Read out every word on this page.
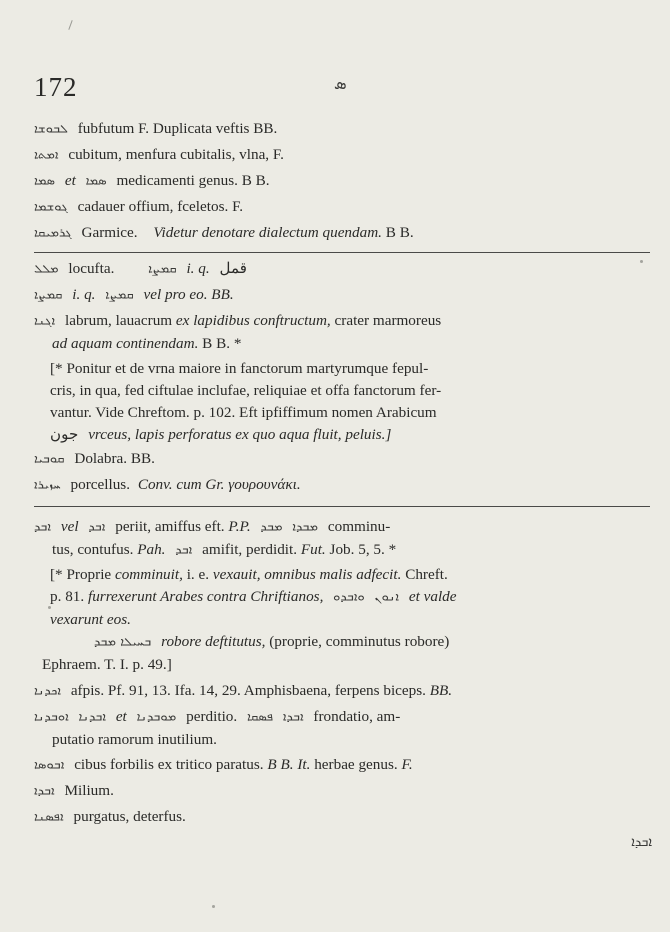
172	ܣ
ܠܒܘܫܐ fubfutum F. Duplicata veftis BB.
ܐܡܬܐ cubitum, menfura cubitalis, vlna, F.
ܣܡܐ et ܣܡܐ medicamenti genus. B B.
ܓܘܫܡܐ cadauer offium, fceletos. F.
ܓܪܡܝܩܐ Garmice. Videtur denotare dialectum quendam. B B.
ܡܠܠ locufta.	ܩܡܨܐ i. q. قمل
ܩܡܨܐ i. q. ܩܡܨܐ vel pro eo. BB.
ܐܓܢܐ labrum, lauacrum ex lapidibus conftructum, crater marmoreus
ad aquam continendam. B B. *
[* Ponitur et de vrna maiore in fanctorum martyrumque fepul-
cris, in qua, fed ciftulae inclufae, reliquiae et offa fanctorum fer-
vantur. Vide Chreftom. p. 102. Eft ipfiffimum nomen Arabicum
جون vrceus, lapis perforatus ex quo aqua fluit, peluis.]
ܩܘܒܝܐ Dolabra. BB.
ܚܙܝܪܐ porcellus. Conv. cum Gr. γουρουνάκι.
ܐܒܕ vel ܐܒܕ periit, amiffus eft. P.P. ܡܒܕ ܡܒܕܐ comminu-
tus, contufus. Pah. ܐܒܕ amifit, perdidit. Fut. Job. 5, 5. *
[* Proprie comminuit, i. e. vexauit, omnibus malis adfecit. Chreft.
p. 81. furrexerunt Arabes contra Chriftianos, ܘܐܒܕܘ ܐܢܘܢ et valde
vexarunt eos.
ܒܚܝܠܐ ܡܒܕ robore deftitutus, (proprie, comminutus robore)
Ephraem. T. I. p. 49.]
ܐܟܕܢܐ afpis. Pf. 91, 13. Ifa. 14, 29. Amphisbaena, ferpens biceps. BB.
ܐܘܒܕܢܐ ܐܒܕܢܐ et ܡܘܒܕܢܐ perditio. ܦܣܩܐ ܐܒܕܐ frondatio, am-
putatio ramorum inutilium.
ܐܒܘܣܐ cibus forbilis ex tritico paratus. B B. It. herbae genus. F.
ܐܒܕܐ Milium.
ܐܦܣܢܐ purgatus, deterfus.
ܐܒܕܐ
